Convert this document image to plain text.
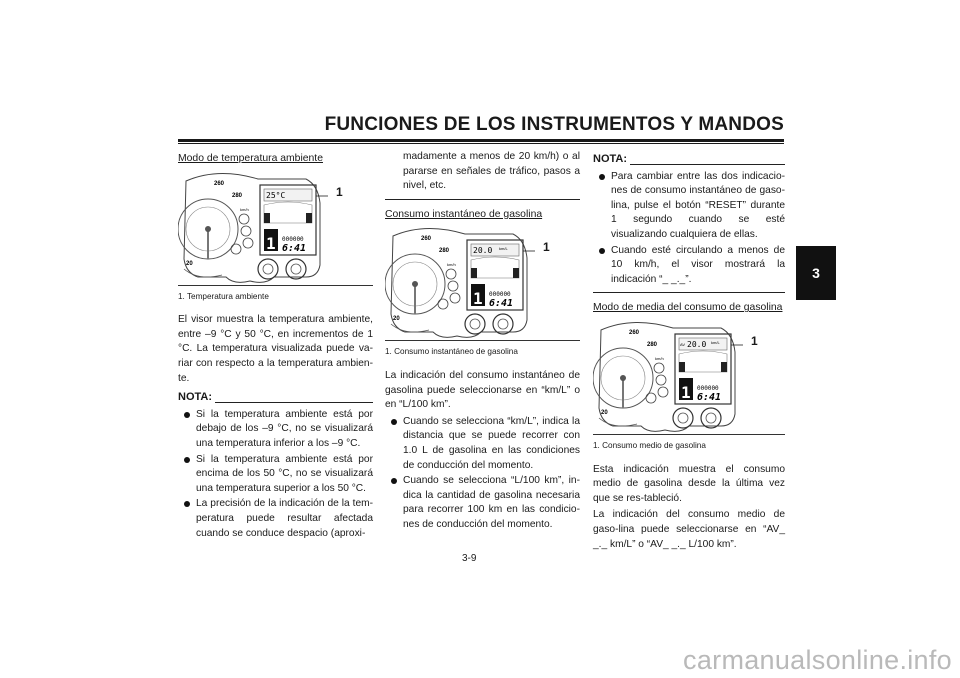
FUNCIONES DE LOS INSTRUMENTOS Y MANDOS
3
Modo de temperatura ambiente
25°C
000000
280
260
20
km/h
1 6:41
1
1. Temperatura ambiente

El visor muestra la temperatura ambiente, entre –9 °C y 50 °C, en incrementos de 1 °C. La temperatura visualizada puede va-riar con respecto a la temperatura ambien-te.

NOTA:
Si la temperatura ambiente está por debajo de los –9 °C, no se visualizará una temperatura inferior a los –9 °C.
Si la temperatura ambiente está por encima de los 50 °C, no se visualizará una temperatura superior a los 50 °C.
La precisión de la indicación de la tem-peratura puede resultar afectada cuando se conduce despacio (aproxi-

madamente a menos de 20 km/h) o al pararse en señales de tráfico, pasos a nivel, etc.

Consumo instantáneo de gasolina
20.0 km/L
000000
280
260
20
km/h
1 6:41
1
1. Consumo instantáneo de gasolina

La indicación del consumo instantáneo de gasolina puede seleccionarse en “km/L” o en “L/100 km”.

Cuando se selecciona “km/L”, indica la distancia que se puede recorrer con 1.0 L de gasolina en las condiciones de conducción del momento.
Cuando se selecciona “L/100 km”, in-dica la cantidad de gasolina necesaria para recorrer 100 km en las condicio-nes de conducción del momento.
NOTA:
Para cambiar entre las dos indicacio-nes de consumo instantáneo de gaso-lina, pulse el botón “RESET” durante 1 segundo cuando se esté visualizando cualquiera de ellas.
Cuando esté circulando a menos de 10 km/h, el visor mostrará la indicación “_ _._”.
Modo de media del consumo de gasolina
AV 20.0 km/L
000000
280
260
20
km/h
1 6:41
1
1. Consumo medio de gasolina

Esta indicación muestra el consumo medio de gasolina desde la última vez que se res-tableció.

La indicación del consumo medio de gaso-lina puede seleccionarse en “AV_ _._ km/L” o “AV_ _._ L/100 km”.

3-9
carmanualsonline.info
